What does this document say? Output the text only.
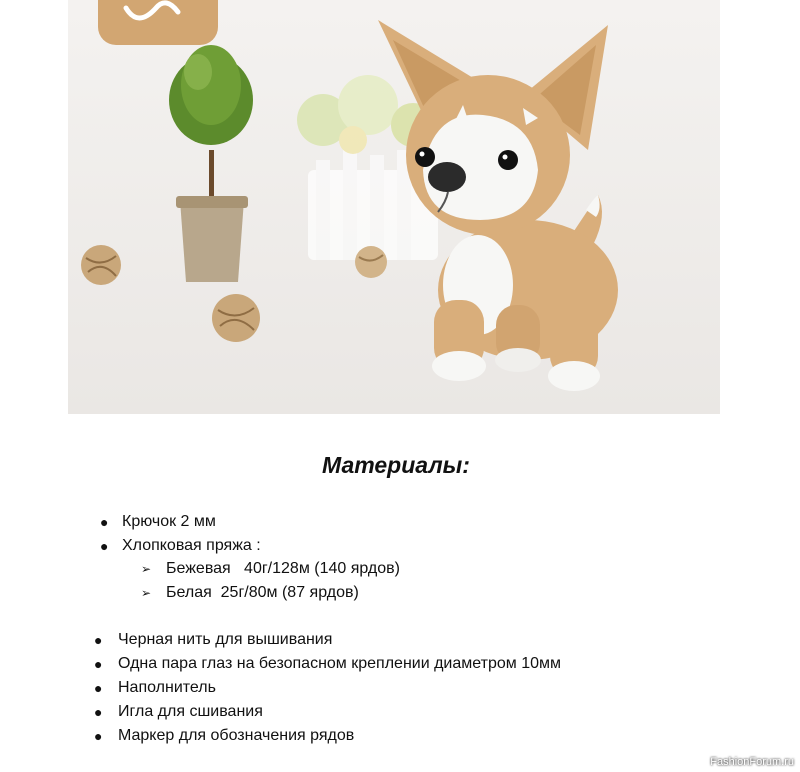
Материалы:
● Крючок 2 мм
● Хлопковая пряжа :
➢ Бежевая   40г/128м (140 ярдов)
➢ Белая  25г/80м (87 ярдов)
● Черная нить для вышивания
● Одна пара глаз на безопасном креплении диаметром 10мм
● Наполнитель
● Игла для сшивания
● Маркер для обозначения рядов
FashionForum.ru
